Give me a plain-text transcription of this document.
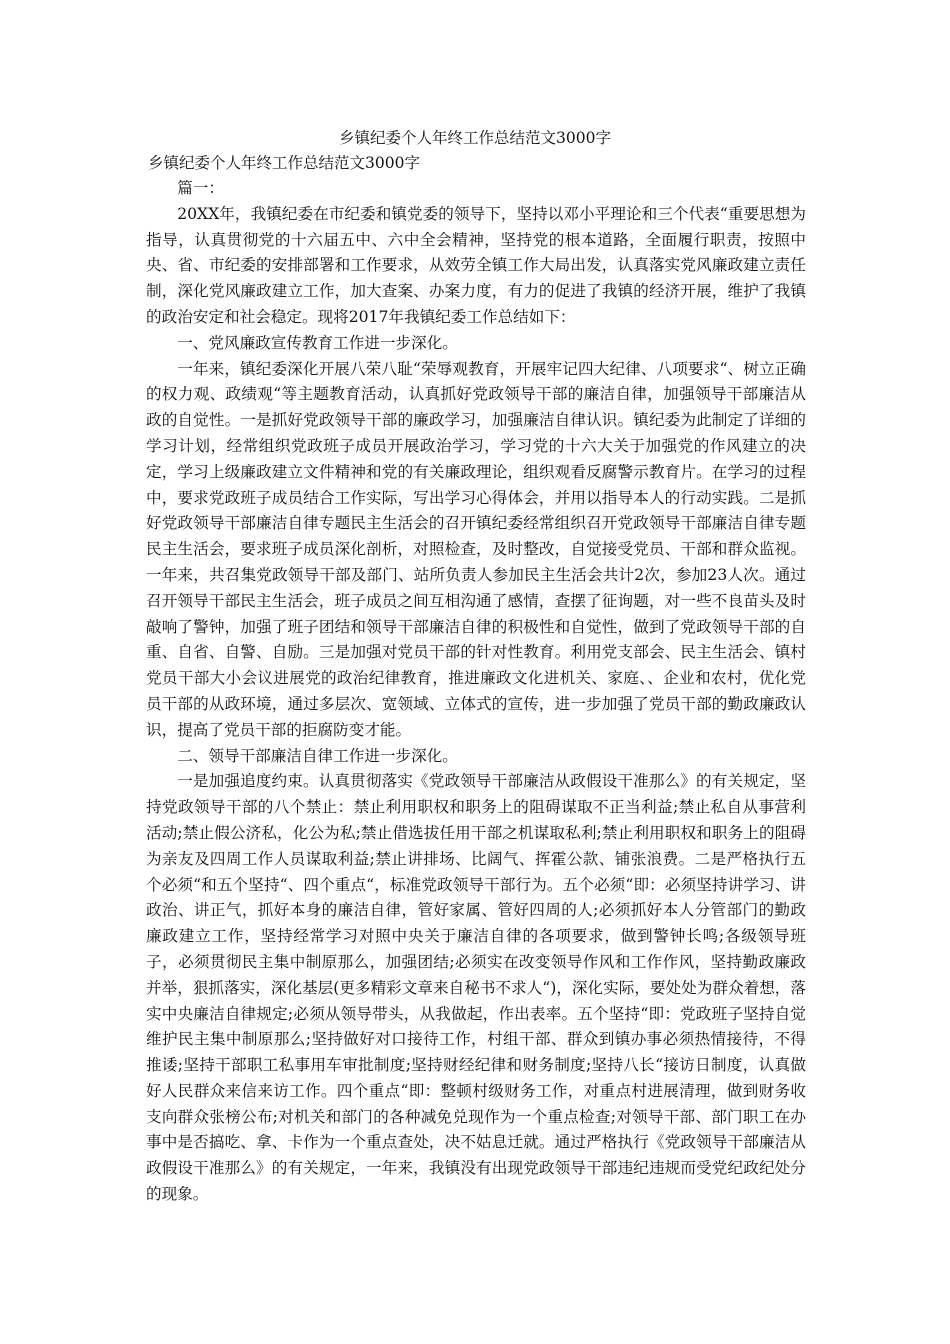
乡镇纪委个人年终工作总结范文3000字
乡镇纪委个人年终工作总结范文3000字

篇一：

20XX年，我镇纪委在市纪委和镇党委的领导下，坚持以邓小平理论和三个代表“重要思想为指导，认真贯彻党的十六届五中、六中全会精神，坚持党的根本道路，全面履行职责，按照中央、省、市纪委的安排部署和工作要求，从效劳全镇工作大局出发，认真落实党风廉政建立责任制，深化党风廉政建立工作，加大查案、办案力度，有力的促进了我镇的经济开展，维护了我镇的政治安定和社会稳定。现将2017年我镇纪委工作总结如下：

一、党风廉政宣传教育工作进一步深化。

一年来，镇纪委深化开展八荣八耻“荣辱观教育，开展牢记四大纪律、八项要求“、树立正确的权力观、政绩观“等主题教育活动，认真抓好党政领导干部的廉洁自律，加强领导干部廉洁从政的自觉性。一是抓好党政领导干部的廉政学习，加强廉洁自律认识。镇纪委为此制定了详细的学习计划，经常组织党政班子成员开展政治学习，学习党的十六大关于加强党的作风建立的决定，学习上级廉政建立文件精神和党的有关廉政理论，组织观看反腐警示教育片。在学习的过程中，要求党政班子成员结合工作实际，写出学习心得体会，并用以指导本人的行动实践。二是抓好党政领导干部廉洁自律专题民主生活会的召开镇纪委经常组织召开党政领导干部廉洁自律专题民主生活会，要求班子成员深化剖析，对照检查，及时整改，自觉接受党员、干部和群众监视。一年来，共召集党政领导干部及部门、站所负责人参加民主生活会共计2次，参加23人次。通过召开领导干部民主生活会，班子成员之间互相沟通了感情，查摆了征询题，对一些不良苗头及时敲响了警钟，加强了班子团结和领导干部廉洁自律的积极性和自觉性，做到了党政领导干部的自重、自省、自警、自励。三是加强对党员干部的针对性教育。利用党支部会、民主生活会、镇村党员干部大小会议进展党的政治纪律教育，推进廉政文化进机关、家庭、、企业和农村，优化党员干部的从政环境，通过多层次、宽领域、立体式的宣传，进一步加强了党员干部的勤政廉政认识，提高了党员干部的拒腐防变才能。

二、领导干部廉洁自律工作进一步深化。

一是加强追度约束。认真贯彻落实《党政领导干部廉洁从政假设干准那么》的有关规定，坚持党政领导干部的八个禁止：禁止利用职权和职务上的阻碍谋取不正当利益;禁止私自从事营利活动;禁止假公济私，化公为私;禁止借选拔任用干部之机谋取私利;禁止利用职权和职务上的阻碍为亲友及四周工作人员谋取利益;禁止讲排场、比阔气、挥霍公款、铺张浪费。二是严格执行五个必须“和五个坚持“、四个重点“，标准党政领导干部行为。五个必须“即：必须坚持讲学习、讲政治、讲正气，抓好本身的廉洁自律，管好家属、管好四周的人;必须抓好本人分管部门的勤政廉政建立工作，坚持经常学习对照中央关于廉洁自律的各项要求，做到警钟长鸣;各级领导班子，必须贯彻民主集中制原那么，加强团结;必须实在改变领导作风和工作作风，坚持勤政廉政并举，狠抓落实，深化基层(更多精彩文章来自秘书不求人“)，深化实际，要处处为群众着想，落实中央廉洁自律规定;必须从领导带头，从我做起，作出表率。五个坚持“即：党政班子坚持自觉维护民主集中制原那么;坚持做好对口接待工作，村组干部、群众到镇办事必须热情接待，不得推诿;坚持干部职工私事用车审批制度;坚持财经纪律和财务制度;坚持八长“接访日制度，认真做好人民群众来信来访工作。四个重点“即：整顿村级财务工作，对重点村进展清理，做到财务收支向群众张榜公布;对机关和部门的各种减免兑现作为一个重点检查;对领导干部、部门职工在办事中是否搞吃、拿、卡作为一个重点查处，决不姑息迁就。通过严格执行《党政领导干部廉洁从政假设干准那么》的有关规定，一年来，我镇没有出现党政领导干部违纪违规而受党纪政纪处分的现象。
